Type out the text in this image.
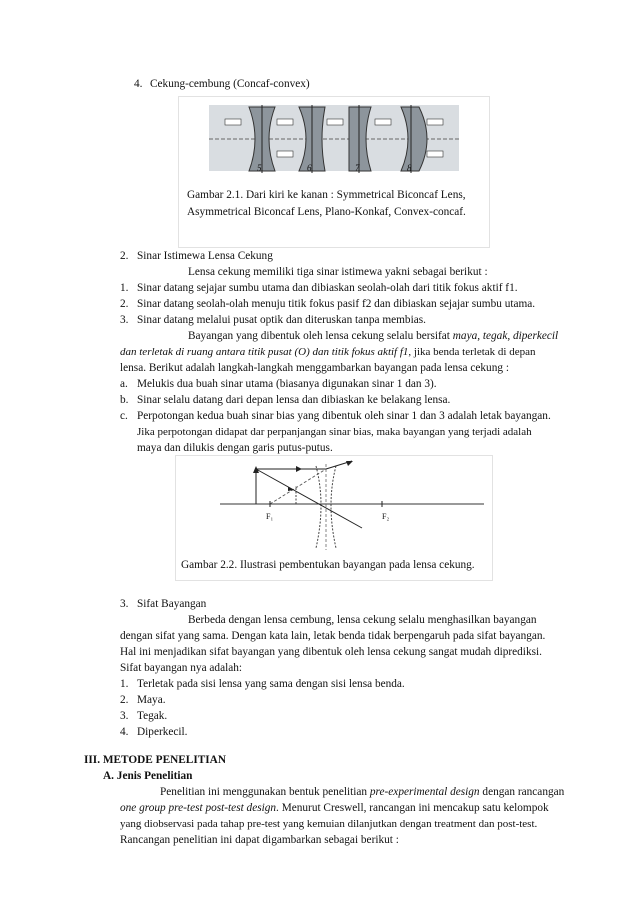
4. Cekung-cembung (Concaf-convex)
5	6	7	8
Gambar 2.1. Dari kiri ke kanan : Symmetrical Biconcaf Lens,
Asymmetrical Biconcaf Lens, Plano-Konkaf, Convex-concaf.
2. Sinar Istimewa Lensa Cekung
Lensa cekung memiliki tiga sinar istimewa yakni sebagai berikut :
1. Sinar datang sejajar sumbu utama dan dibiaskan seolah-olah dari titik fokus aktif f1.
2. Sinar datang seolah-olah menuju titik fokus pasif f2 dan dibiaskan sejajar sumbu utama.
3. Sinar datang melalui pusat optik dan diteruskan tanpa membias.
Bayangan yang dibentuk oleh lensa cekung selalu bersifat maya, tegak, diperkecil
dan terletak di ruang antara titik pusat (O) dan titik fokus aktif f1, jika benda terletak di depan
lensa. Berikut adalah langkah-langkah menggambarkan bayangan pada lensa cekung :
a. Melukis dua buah sinar utama (biasanya digunakan sinar 1 dan 3).
b. Sinar selalu datang dari depan lensa dan dibiaskan ke belakang lensa.
c. Perpotongan kedua buah sinar bias yang dibentuk oleh sinar 1 dan 3 adalah letak bayangan.
Jika perpotongan didapat dar perpanjangan sinar bias, maka bayangan yang terjadi adalah
maya dan dilukis dengan garis putus-putus.
F₁	F₂
Gambar 2.2. Ilustrasi pembentukan bayangan pada lensa cekung.
3. Sifat Bayangan
Berbeda dengan lensa cembung, lensa cekung selalu menghasilkan bayangan
dengan sifat yang sama. Dengan kata lain, letak benda tidak berpengaruh pada sifat bayangan.
Hal ini menjadikan sifat bayangan yang dibentuk oleh lensa cekung sangat mudah diprediksi.
Sifat bayangan nya adalah:
1. Terletak pada sisi lensa yang sama dengan sisi lensa benda.
2. Maya.
3. Tegak.
4. Diperkecil.
III. METODE PENELITIAN
A. Jenis Penelitian
Penelitian ini menggunakan bentuk penelitian pre-experimental design dengan rancangan
one group pre-test post-test design. Menurut Creswell, rancangan ini mencakup satu kelompok
yang diobservasi pada tahap pre-test yang kemuian dilanjutkan dengan treatment dan post-test.
Rancangan penelitian ini dapat digambarkan sebagai berikut :
